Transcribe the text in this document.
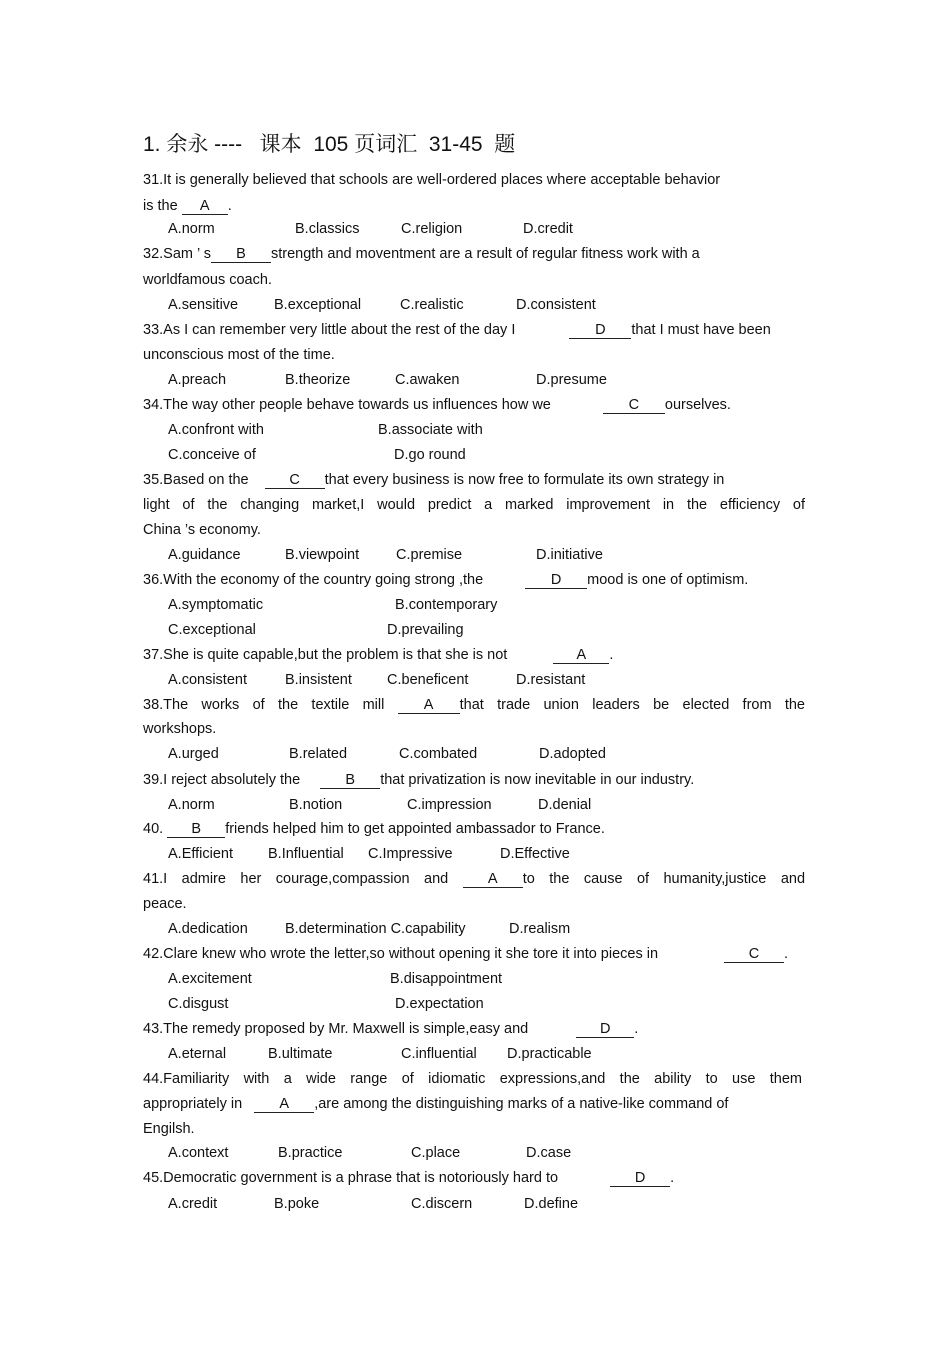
1. 余永 ----   课本  105 页词汇  31-45  题
31.It is generally believed that schools are well-ordered places where acceptable behavior
is the A .
A.norm	B.classics	C.religion	D.credit
32.Sam ’ s B strength and moventment are a result of regular fitness work with a
worldfamous coach.
A.sensitive B.exceptional	C.realistic	D.consistent
33.As I can remember very little about the rest of the day I	D that I must have been
unconscious most of the time.
A.preach	B.theorize	C.awaken	D.presume
34.The way other people behave towards us influences how we	C ourselves.
A.confront with	B.associate with
C.conceive of	D.go round
35.Based on the	C that every business is now free to formulate its own strategy in
light of the changing market,I would predict a marked improvement in the efficiency of
China ’s economy.
A.guidance	B.viewpoint	C.premise	D.initiative
36.With the economy of the country going strong ,the	D mood is one of optimism.
A.symptomatic	B.contemporary
C.exceptional	D.prevailing
37.She is quite capable,but the problem is that she is not	A .
A.consistent	B.insistent C.beneficent	D.resistant
38.The works of the textile mill	A that trade union leaders be elected from the
workshops.
A.urged	B.related	C.combated	D.adopted
39.I reject absolutely the	B that privatization is now inevitable in our industry.
A.norm	B.notion	C.impression	D.denial
40. B friends helped him to get appointed ambassador to France.
A.Efficient B.Influential C.Impressive	D.Effective
41.I admire her courage,compassion and	A to the cause of humanity,justice and
peace.
A.dedication	B.determination C.capability	D.realism
42.Clare knew who wrote the letter,so without opening it she tore it into pieces in	C .
A.excitement	B.disappointment
C.disgust	D.expectation
43.The remedy proposed by Mr. Maxwell is simple,easy and	D .
A.eternal	B.ultimate	C.influential D.practicable
44.Familiarity with a wide range of idiomatic expressions,and the ability to use them
appropriately in	A ,are among the distinguishing marks of a native-like command of
Engilsh.
A.context	B.practice	C.place	D.case
45.Democratic government is a phrase that is notoriously hard to	D .
A.credit	B.poke	C.discern	D.define
